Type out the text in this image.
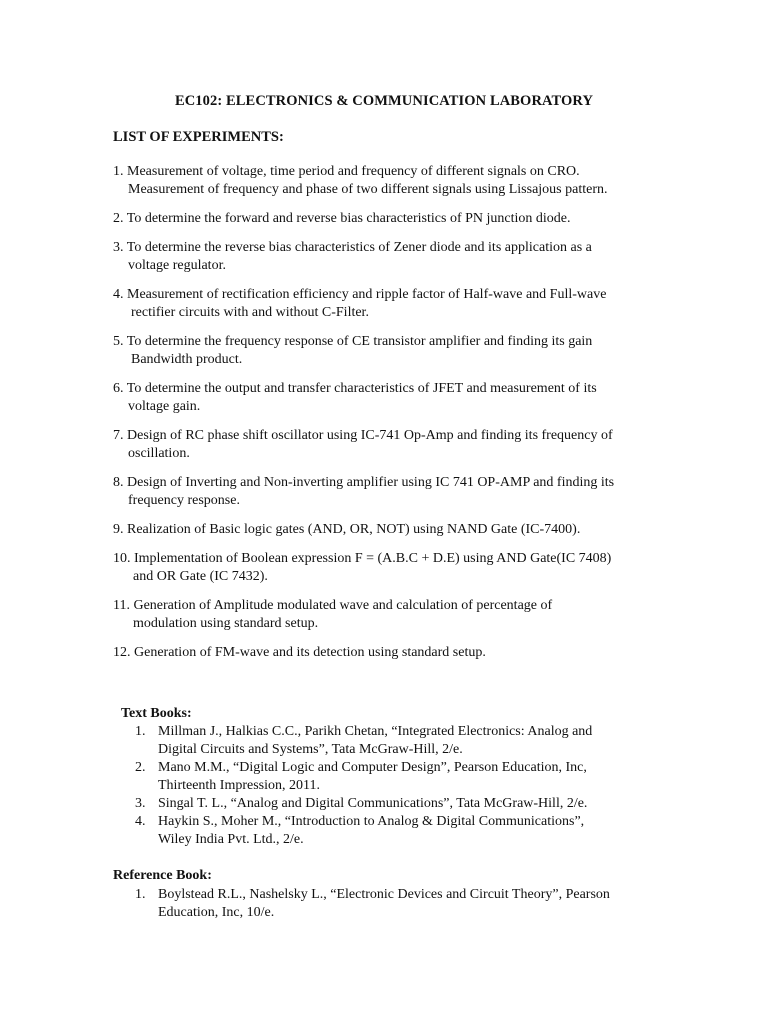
EC102: ELECTRONICS & COMMUNICATION LABORATORY
LIST OF EXPERIMENTS:
1. Measurement of voltage, time period and frequency of different signals on CRO.
Measurement of frequency and phase of two different signals using Lissajous pattern.
2. To determine the forward and reverse bias characteristics of PN junction diode.
3. To determine the reverse bias characteristics of Zener diode and its application as a
voltage regulator.
4. Measurement of rectification efficiency and ripple factor of Half-wave and Full-wave
rectifier circuits with and without C-Filter.
5. To determine the frequency response of CE transistor amplifier and finding its gain
Bandwidth product.
6. To determine the output and transfer characteristics of JFET and measurement of its
voltage gain.
7. Design of RC phase shift oscillator using IC-741 Op-Amp and finding its frequency of
oscillation.
8. Design of Inverting and Non-inverting amplifier using IC 741 OP-AMP and finding its
frequency response.
9. Realization of Basic logic gates (AND, OR, NOT) using NAND Gate (IC-7400).
10. Implementation of Boolean expression F = (A.B.C + D.E) using AND Gate(IC 7408)
and OR Gate (IC 7432).
11. Generation of Amplitude modulated wave and calculation of percentage of
modulation using standard setup.
12. Generation of FM-wave and its detection using standard setup.
Text Books:
1. Millman J., Halkias C.C., Parikh Chetan, “Integrated Electronics: Analog and
Digital Circuits and Systems”, Tata McGraw-Hill, 2/e.
2. Mano M.M., “Digital Logic and Computer Design”, Pearson Education, Inc,
Thirteenth Impression, 2011.
3. Singal T. L., “Analog and Digital Communications”, Tata McGraw-Hill, 2/e.
4. Haykin S., Moher M., “Introduction to Analog & Digital Communications”,
Wiley India Pvt. Ltd., 2/e.
Reference Book:
1. Boylstead R.L., Nashelsky L., “Electronic Devices and Circuit Theory”, Pearson
Education, Inc, 10/e.
